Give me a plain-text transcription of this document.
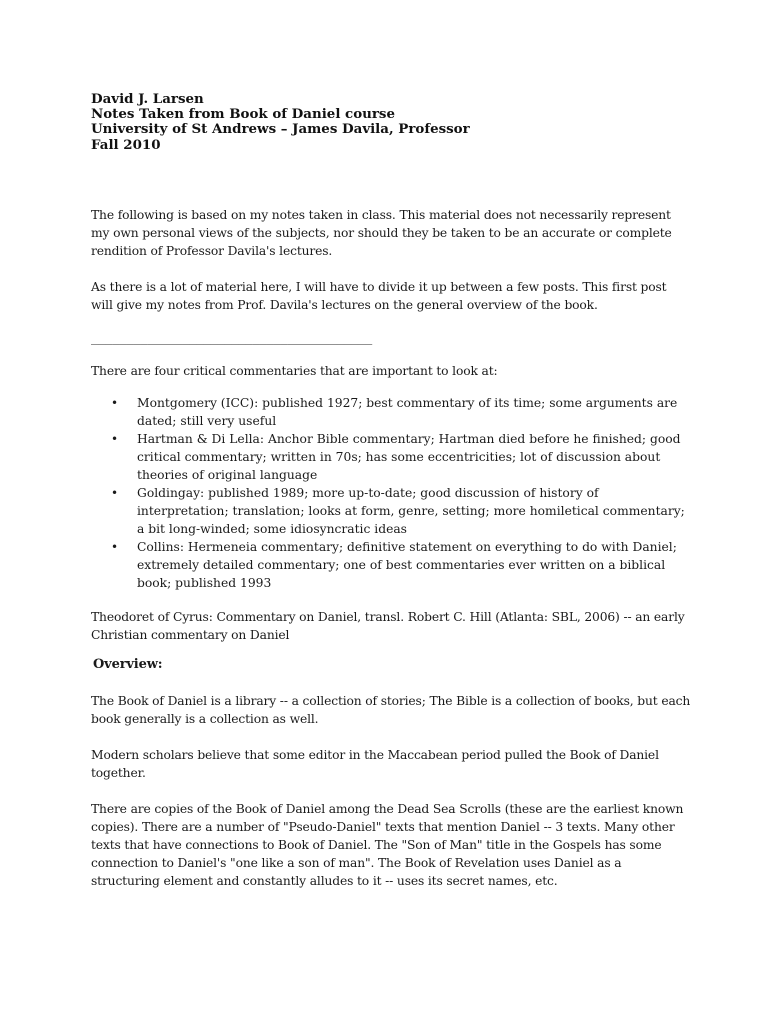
David J. Larsen
Notes Taken from Book of Daniel course
University of St Andrews – James Davila, Professor
Fall 2010

The following is based on my notes taken in class. This material does not necessarily represent my own personal views of the subjects, nor should they be taken to be an accurate or complete rendition of Professor Davila's lectures.

As there is a lot of material here, I will have to divide it up between a few posts. This first post will give my notes from Prof. Davila's lectures on the general overview of the book.

________________________________________

There are four critical commentaries that are important to look at:

• Montgomery (ICC): published 1927; best commentary of its time; some arguments are dated; still very useful
• Hartman & Di Lella: Anchor Bible commentary; Hartman died before he finished; good critical commentary; written in 70s; has some eccentricities; lot of discussion about theories of original language
• Goldingay: published 1989; more up-to-date; good discussion of history of interpretation; translation; looks at form, genre, setting; more homiletical commentary; a bit long-winded; some idiosyncratic ideas
• Collins: Hermeneia commentary; definitive statement on everything to do with Daniel; extremely detailed commentary; one of best commentaries ever written on a biblical book; published 1993

Theodoret of Cyrus: Commentary on Daniel, transl. Robert C. Hill (Atlanta: SBL, 2006) -- an early Christian commentary on Daniel

Overview:

The Book of Daniel is a library -- a collection of stories; The Bible is a collection of books, but each book generally is a collection as well.

Modern scholars believe that some editor in the Maccabean period pulled the Book of Daniel together.

There are copies of the Book of Daniel among the Dead Sea Scrolls (these are the earliest known copies). There are a number of "Pseudo-Daniel" texts that mention Daniel -- 3 texts. Many other texts that have connections to Book of Daniel. The "Son of Man" title in the Gospels has some connection to Daniel's "one like a son of man". The Book of Revelation uses Daniel as a structuring element and constantly alludes to it -- uses its secret names, etc.
